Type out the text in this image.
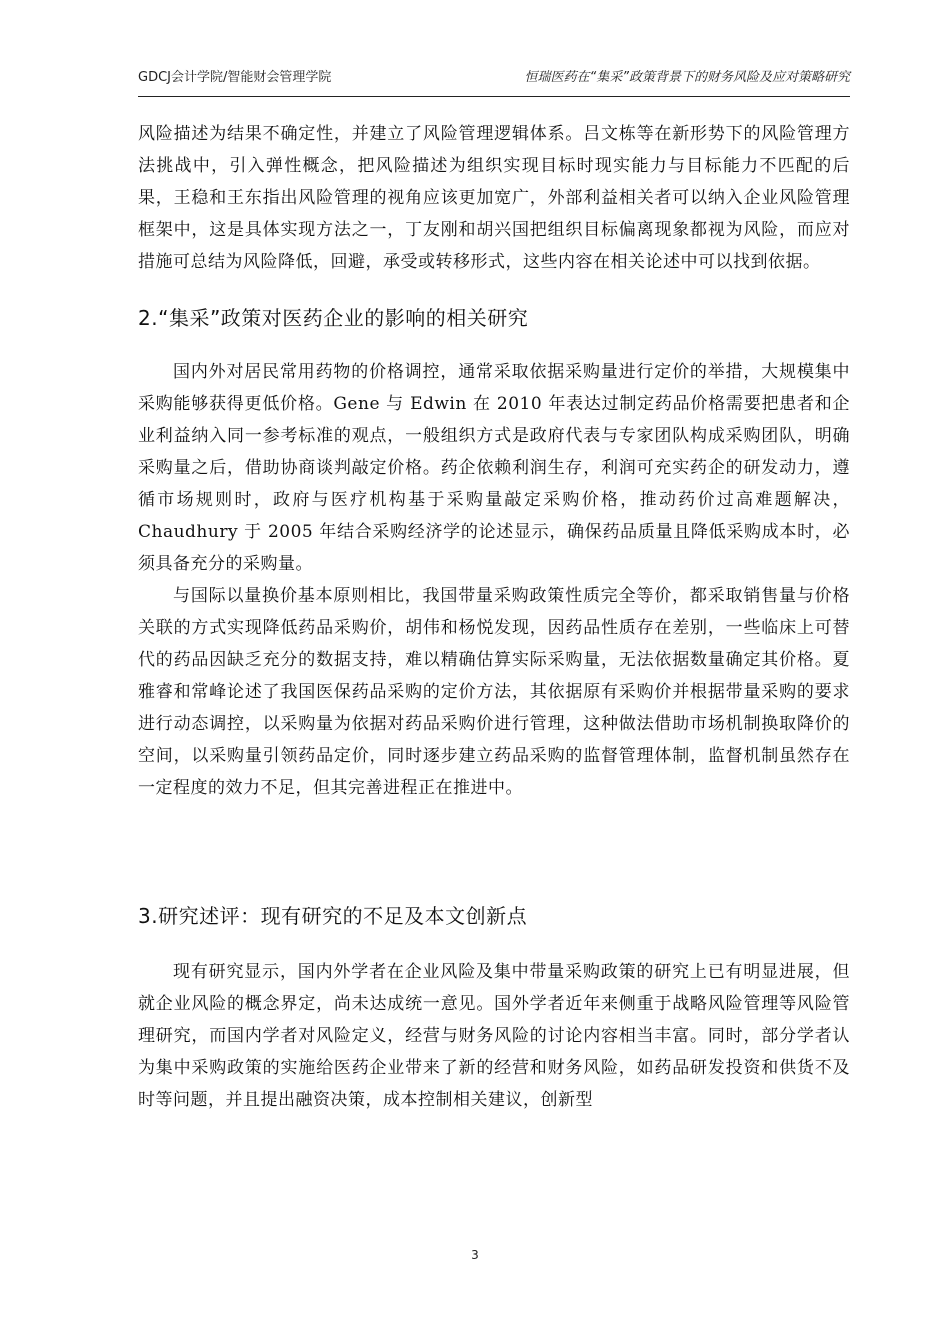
GDCJ会计学院/智能财会管理学院	恒瑞医药在“集采”政策背景下的财务风险及应对策略研究

风险描述为结果不确定性，并建立了风险管理逻辑体系。吕文栋等在新形势下的风险管理方法挑战中，引入弹性概念，把风险描述为组织实现目标时现实能力与目标能力不匹配的后果，王稳和王东指出风险管理的视角应该更加宽广，外部利益相关者可以纳入企业风险管理框架中，这是具体实现方法之一，丁友刚和胡兴国把组织目标偏离现象都视为风险，而应对措施可总结为风险降低，回避，承受或转移形式，这些内容在相关论述中可以找到依据。

2.“集采”政策对医药企业的影响的相关研究

国内外对居民常用药物的价格调控，通常采取依据采购量进行定价的举措，大规模集中采购能够获得更低价格。Gene 与 Edwin 在 2010 年表达过制定药品价格需要把患者和企业利益纳入同一参考标准的观点，一般组织方式是政府代表与专家团队构成采购团队，明确采购量之后，借助协商谈判敲定价格。药企依赖利润生存，利润可充实药企的研发动力，遵循市场规则时，政府与医疗机构基于采购量敲定采购价格，推动药价过高难题解决，Chaudhury 于 2005 年结合采购经济学的论述显示，确保药品质量且降低采购成本时，必须具备充分的采购量。

与国际以量换价基本原则相比，我国带量采购政策性质完全等价，都采取销售量与价格关联的方式实现降低药品采购价，胡伟和杨悦发现，因药品性质存在差别，一些临床上可替代的药品因缺乏充分的数据支持，难以精确估算实际采购量，无法依据数量确定其价格。夏雅睿和常峰论述了我国医保药品采购的定价方法，其依据原有采购价并根据带量采购的要求进行动态调控，以采购量为依据对药品采购价进行管理，这种做法借助市场机制换取降价的空间，以采购量引领药品定价，同时逐步建立药品采购的监督管理体制，监督机制虽然存在一定程度的效力不足，但其完善进程正在推进中。

3.研究述评：现有研究的不足及本文创新点

现有研究显示，国内外学者在企业风险及集中带量采购政策的研究上已有明显进展，但就企业风险的概念界定，尚未达成统一意见。国外学者近年来侧重于战略风险管理等风险管理研究，而国内学者对风险定义，经营与财务风险的讨论内容相当丰富。同时，部分学者认为集中采购政策的实施给医药企业带来了新的经营和财务风险，如药品研发投资和供货不及时等问题，并且提出融资决策，成本控制相关建议，创新型

3
